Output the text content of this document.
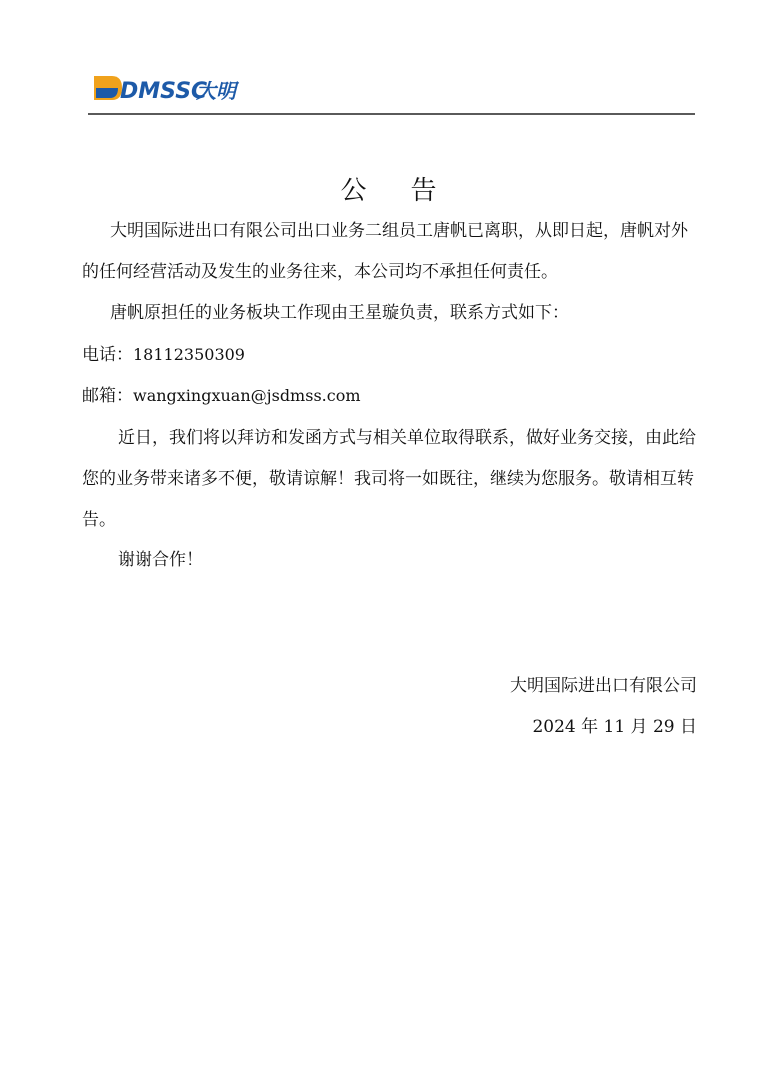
DMSSC
大明
公告
大明国际进出口有限公司出口业务二组员工唐帆已离职，从即日起，唐帆对外的任何经营活动及发生的业务往来，本公司均不承担任何责任。
唐帆原担任的业务板块工作现由王星璇负责，联系方式如下：
电话：18112350309
邮箱：wangxingxuan@jsdmss.com
近日，我们将以拜访和发函方式与相关单位取得联系，做好业务交接，由此给您的业务带来诸多不便，敬请谅解！我司将一如既往，继续为您服务。敬请相互转告。
谢谢合作！
大明国际进出口有限公司
2024 年 11 月 29 日
